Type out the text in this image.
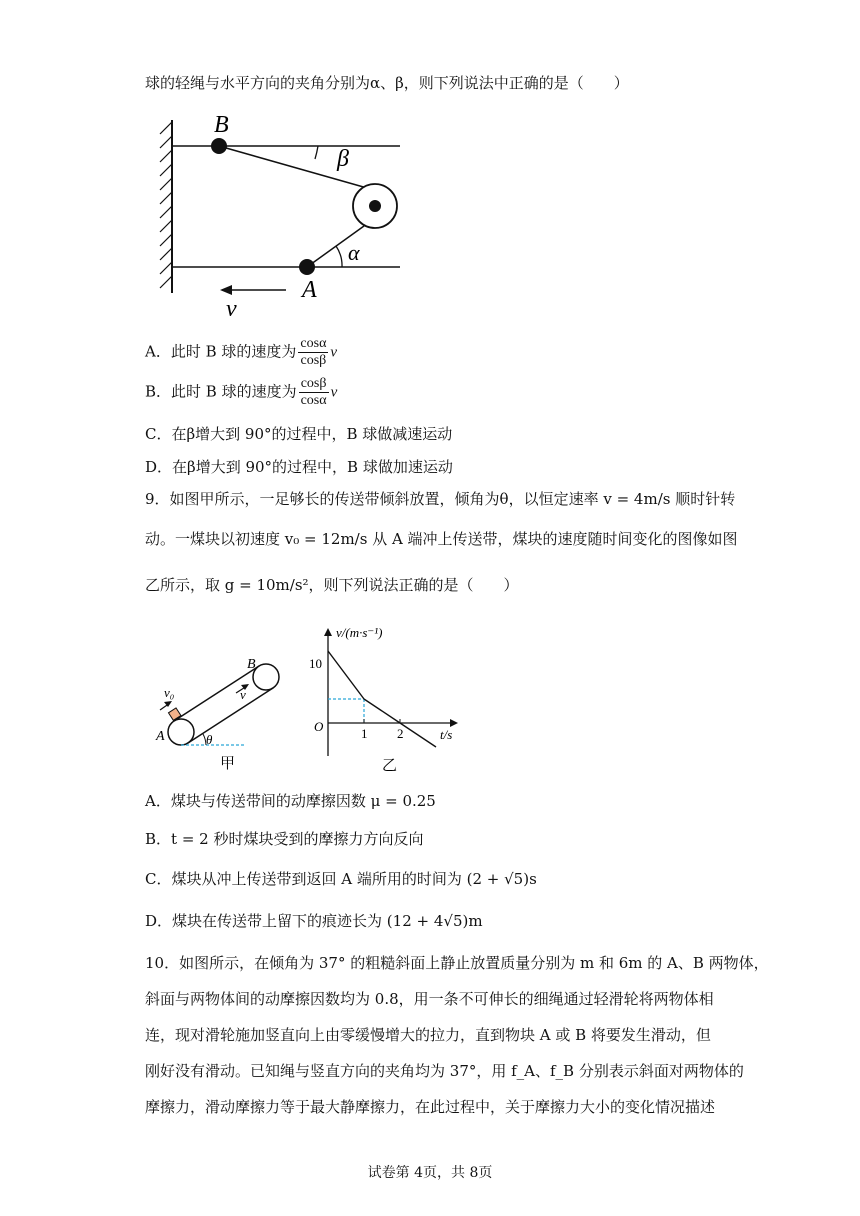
球的轻绳与水平方向的夹角分别为α、β，则下列说法中正确的是（　　）
B
β
α
A
v
A．此时 B 球的速度为 $\frac{\cos\alpha}{\cos\beta}$ v
B．此时 B 球的速度为 $\frac{\cos\beta}{\cos\alpha}$ v
C．在β增大到 90°的过程中，B 球做减速运动
D．在β增大到 90°的过程中，B 球做加速运动
9．如图甲所示，一足够长的传送带倾斜放置，倾角为θ，以恒定速率 v = 4m/s 顺时针转
动。一煤块以初速度 v₀ = 12m/s 从 A 端冲上传送带，煤块的速度随时间变化的图像如图
乙所示，取 g = 10m/s²，则下列说法正确的是（　　）
v₀	v
B
A	θ
甲
v/(m·s⁻¹)
t/s
O
10
1 2
乙
A．煤块与传送带间的动摩擦因数 μ = 0.25
B．t = 2 秒时煤块受到的摩擦力方向反向
C．煤块从冲上传送带到返回 A 端所用的时间为 (2 + √5)s
D．煤块在传送带上留下的痕迹长为 (12 + 4√5)m
10．如图所示，在倾角为 37° 的粗糙斜面上静止放置质量分别为 m 和 6m 的 A、B 两物体，
斜面与两物体间的动摩擦因数均为 0.8，用一条不可伸长的细绳通过轻滑轮将两物体相
连，现对滑轮施加竖直向上由零缓慢增大的拉力，直到物块 A 或 B 将要发生滑动，但
刚好没有滑动。已知绳与竖直方向的夹角均为 37°，用 f_A、f_B 分别表示斜面对两物体的
摩擦力，滑动摩擦力等于最大静摩擦力，在此过程中，关于摩擦力大小的变化情况描述
试卷第 4页，共 8页
